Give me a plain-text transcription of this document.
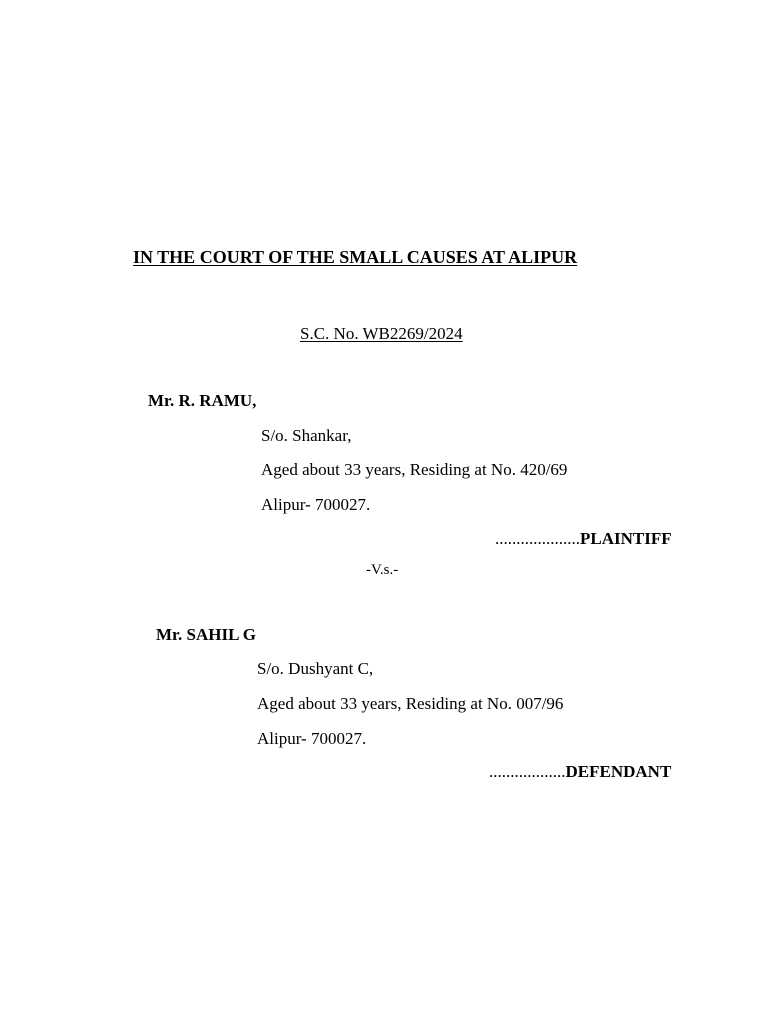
IN THE COURT OF THE SMALL CAUSES AT ALIPUR
S.C. No. WB2269/2024
Mr. R. RAMU,
S/o. Shankar,
Aged about 33 years, Residing at No. 420/69
Alipur- 700027.
....................PLAINTIFF
-V.s.-
Mr. SAHIL G
S/o. Dushyant C,
Aged about 33 years, Residing at No. 007/96
Alipur- 700027.
..................DEFENDANT
